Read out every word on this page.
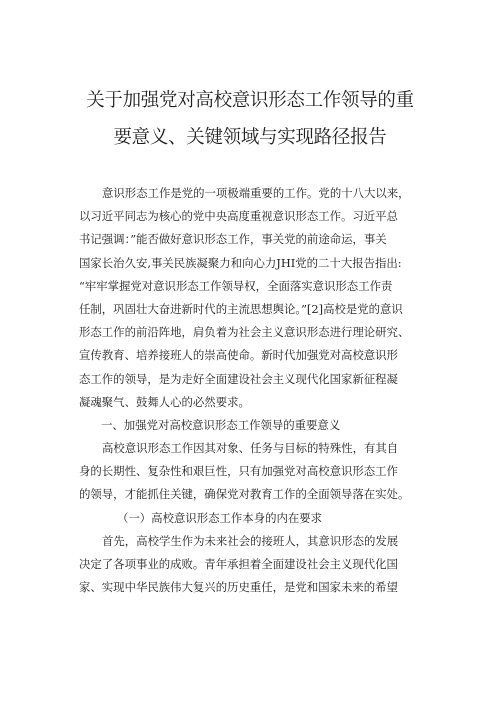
关于加强党对高校意识形态工作领导的重
要意义、关键领域与实现路径报告
意识形态工作是党的一项极端重要的工作。党的十八大以来，
以习近平同志为核心的党中央高度重视意识形态工作。习近平总
书记强调：”能否做好意识形态工作，事关党的前途命运，事关
国家长治久安,事关民族凝聚力和向心力JHI党的二十大报告指出:
“牢牢掌握党对意识形态工作领导权，全面落实意识形态工作责
任制，巩固壮大奋进新时代的主流思想舆论。”[2]高校是党的意识
形态工作的前沿阵地，肩负着为社会主义意识形态进行理论研究、
宣传教育、培养接班人的崇高使命。新时代加强党对高校意识形
态工作的领导，是为走好全面建设社会主义现代化国家新征程凝
凝魂聚气、鼓舞人心的必然要求。
一、加强党对高校意识形态工作领导的重要意义
高校意识形态工作因其对象、任务与目标的特殊性，有其自
身的长期性、复杂性和艰巨性，只有加强党对高校意识形态工作
的领导，才能抓住关键，确保党对教育工作的全面领导落在实处。
（一）高校意识形态工作本身的内在要求
首先，高校学生作为未来社会的接班人，其意识形态的发展
决定了各项事业的成败。青年承担着全面建设社会主义现代化国
家、实现中华民族伟大复兴的历史重任，是党和国家未来的希望
